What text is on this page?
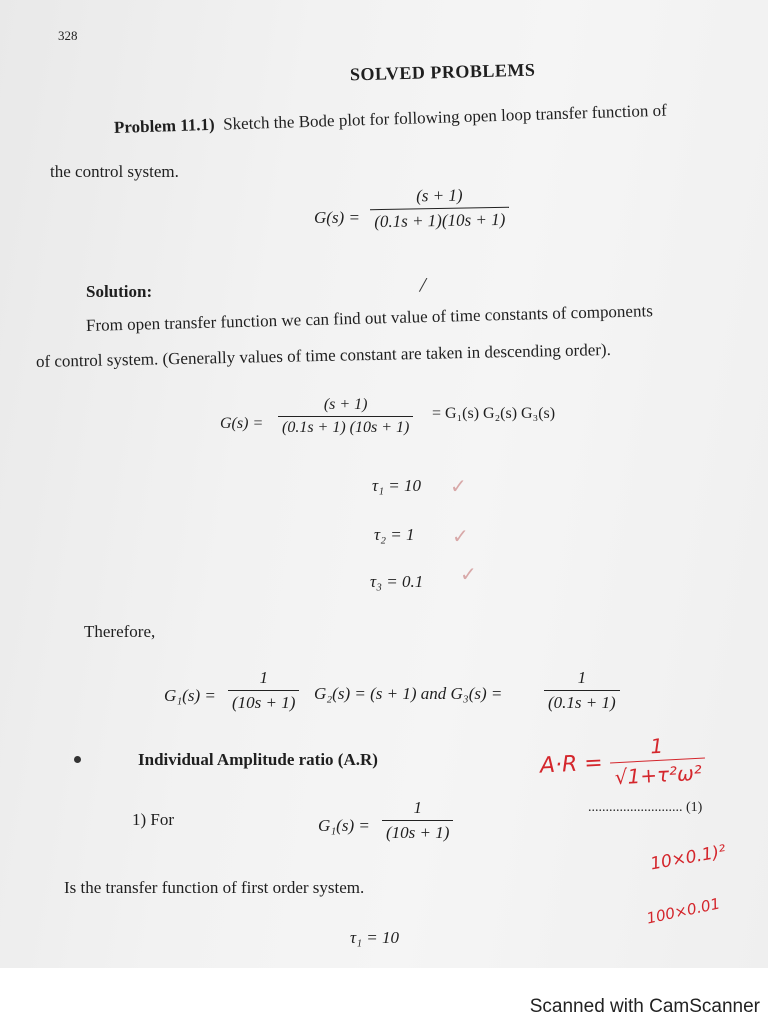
328
SOLVED PROBLEMS
Problem 11.1) Sketch the Bode plot for following open loop transfer function of
the control system.
$G(s) = \frac{(s + 1)}{(0.1s + 1)(10s + 1)}$
Solution:	/
From open transfer function we can find out value of time constants of components
of control system. (Generally values of time constant are taken in descending order).
$G(s) = \frac{(s + 1)}{(0.1s + 1) (10s + 1)} = G_1(s)$ G₂(s) G₃(s)
τ₁ = 10 ✓
τ₂ = 1 ✓
τ₃ = 0.1 ✓
Therefore,
$G_1(s) = \frac{1}{(10s + 1)} G_2(s) = (s + 1)$ and $G_3(s) = \frac{1}{(0.1s + 1)}$
Individual Amplitude ratio (A.R)	$A\cdot R = \frac{1}{\text{√1+τ²ω²}}$
1) For	$G_1(s) = \frac{1}{(10s + 1)}$	........................... (1)
10×0.1)²
Is the transfer function of first order system.
100×0.01
τ₁ = 10
Scanned with CamScanner
